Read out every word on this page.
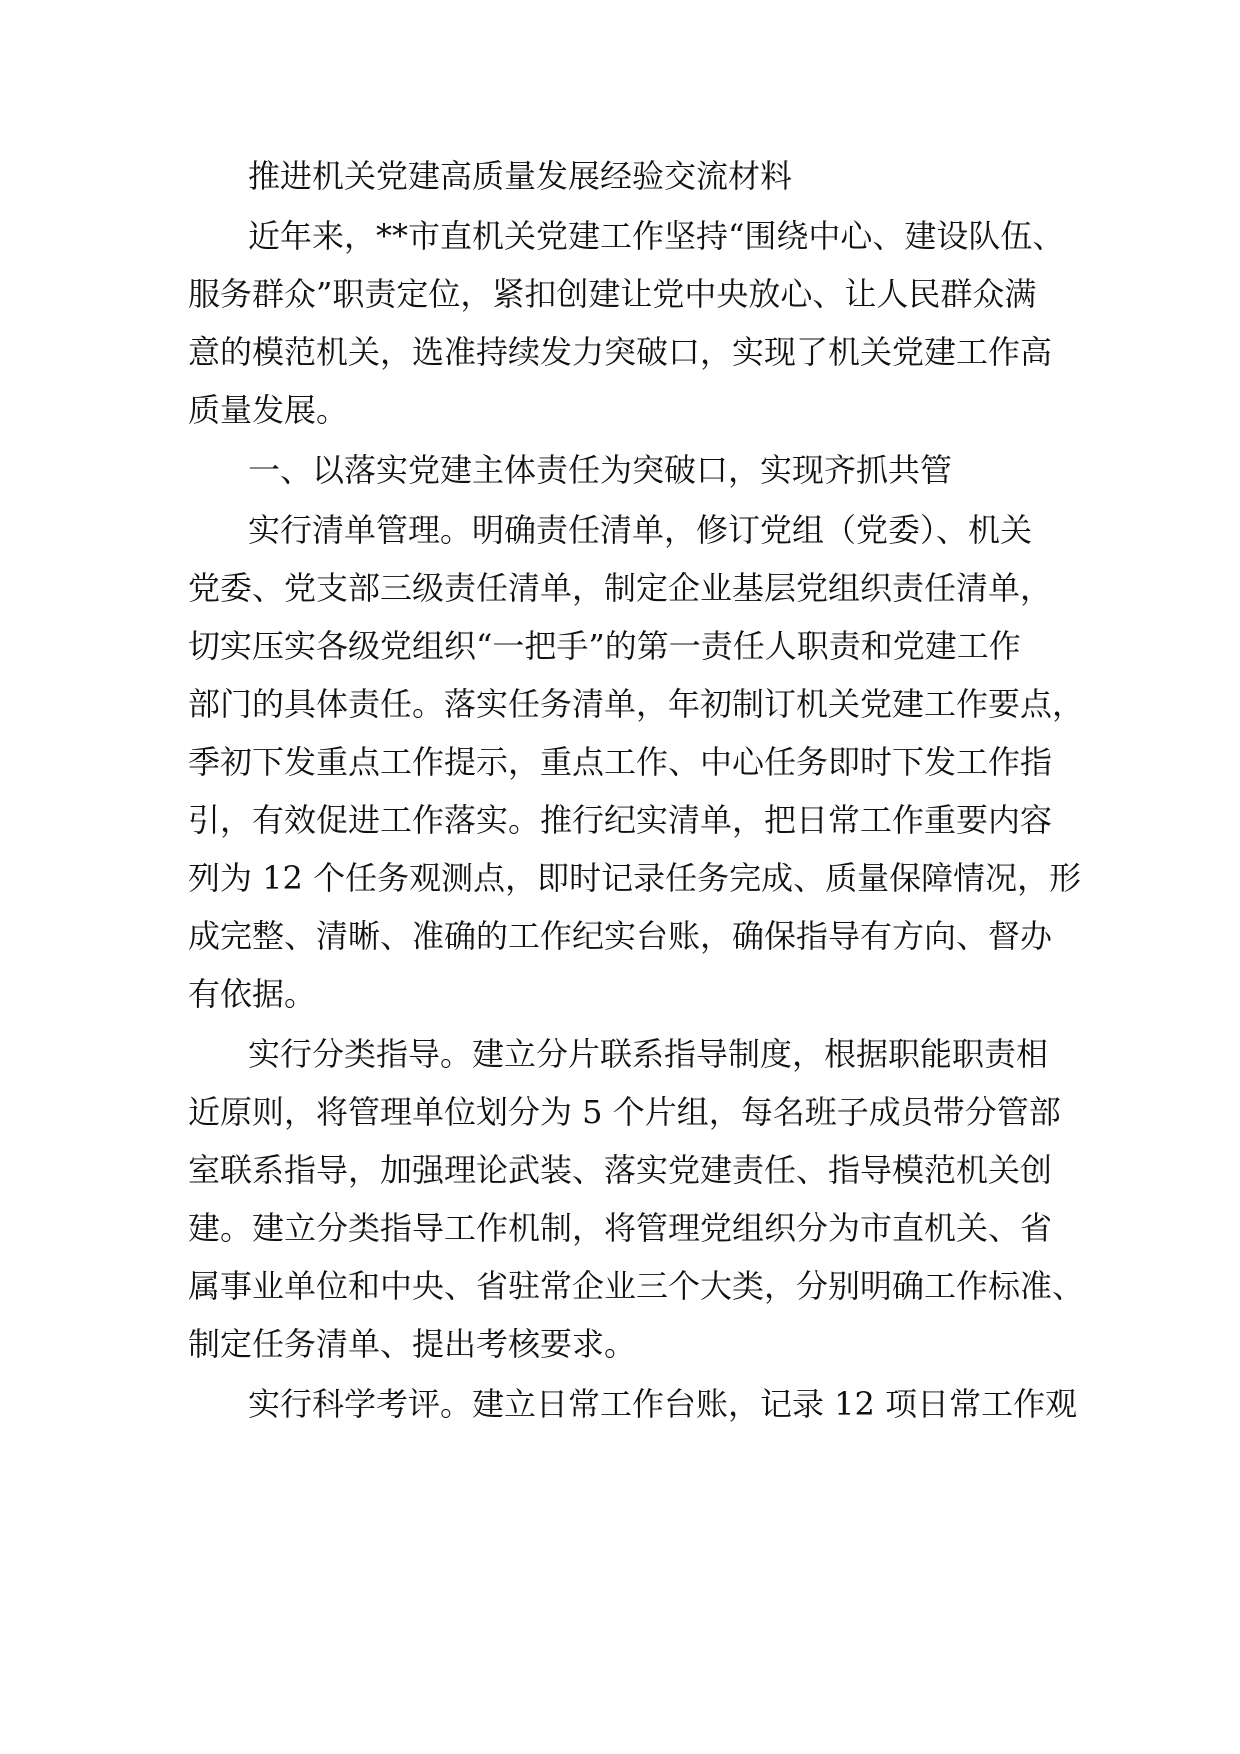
推进机关党建高质量发展经验交流材料

近年来，**市直机关党建工作坚持“围绕中心、建设队伍、

服务群众”职责定位，紧扣创建让党中央放心、让人民群众满

意的模范机关，选准持续发力突破口，实现了机关党建工作高

质量发展。

一、以落实党建主体责任为突破口，实现齐抓共管

实行清单管理。明确责任清单，修订党组（党委）、机关

党委、党支部三级责任清单，制定企业基层党组织责任清单，

切实压实各级党组织“一把手”的第一责任人职责和党建工作

部门的具体责任。落实任务清单，年初制订机关党建工作要点，

季初下发重点工作提示，重点工作、中心任务即时下发工作指

引，有效促进工作落实。推行纪实清单，把日常工作重要内容

列为 12 个任务观测点，即时记录任务完成、质量保障情况，形

成完整、清晰、准确的工作纪实台账，确保指导有方向、督办

有依据。

实行分类指导。建立分片联系指导制度，根据职能职责相

近原则，将管理单位划分为 5 个片组，每名班子成员带分管部

室联系指导，加强理论武装、落实党建责任、指导模范机关创

建。建立分类指导工作机制，将管理党组织分为市直机关、省

属事业单位和中央、省驻常企业三个大类，分别明确工作标准、

制定任务清单、提出考核要求。

实行科学考评。建立日常工作台账，记录 12 项日常工作观
